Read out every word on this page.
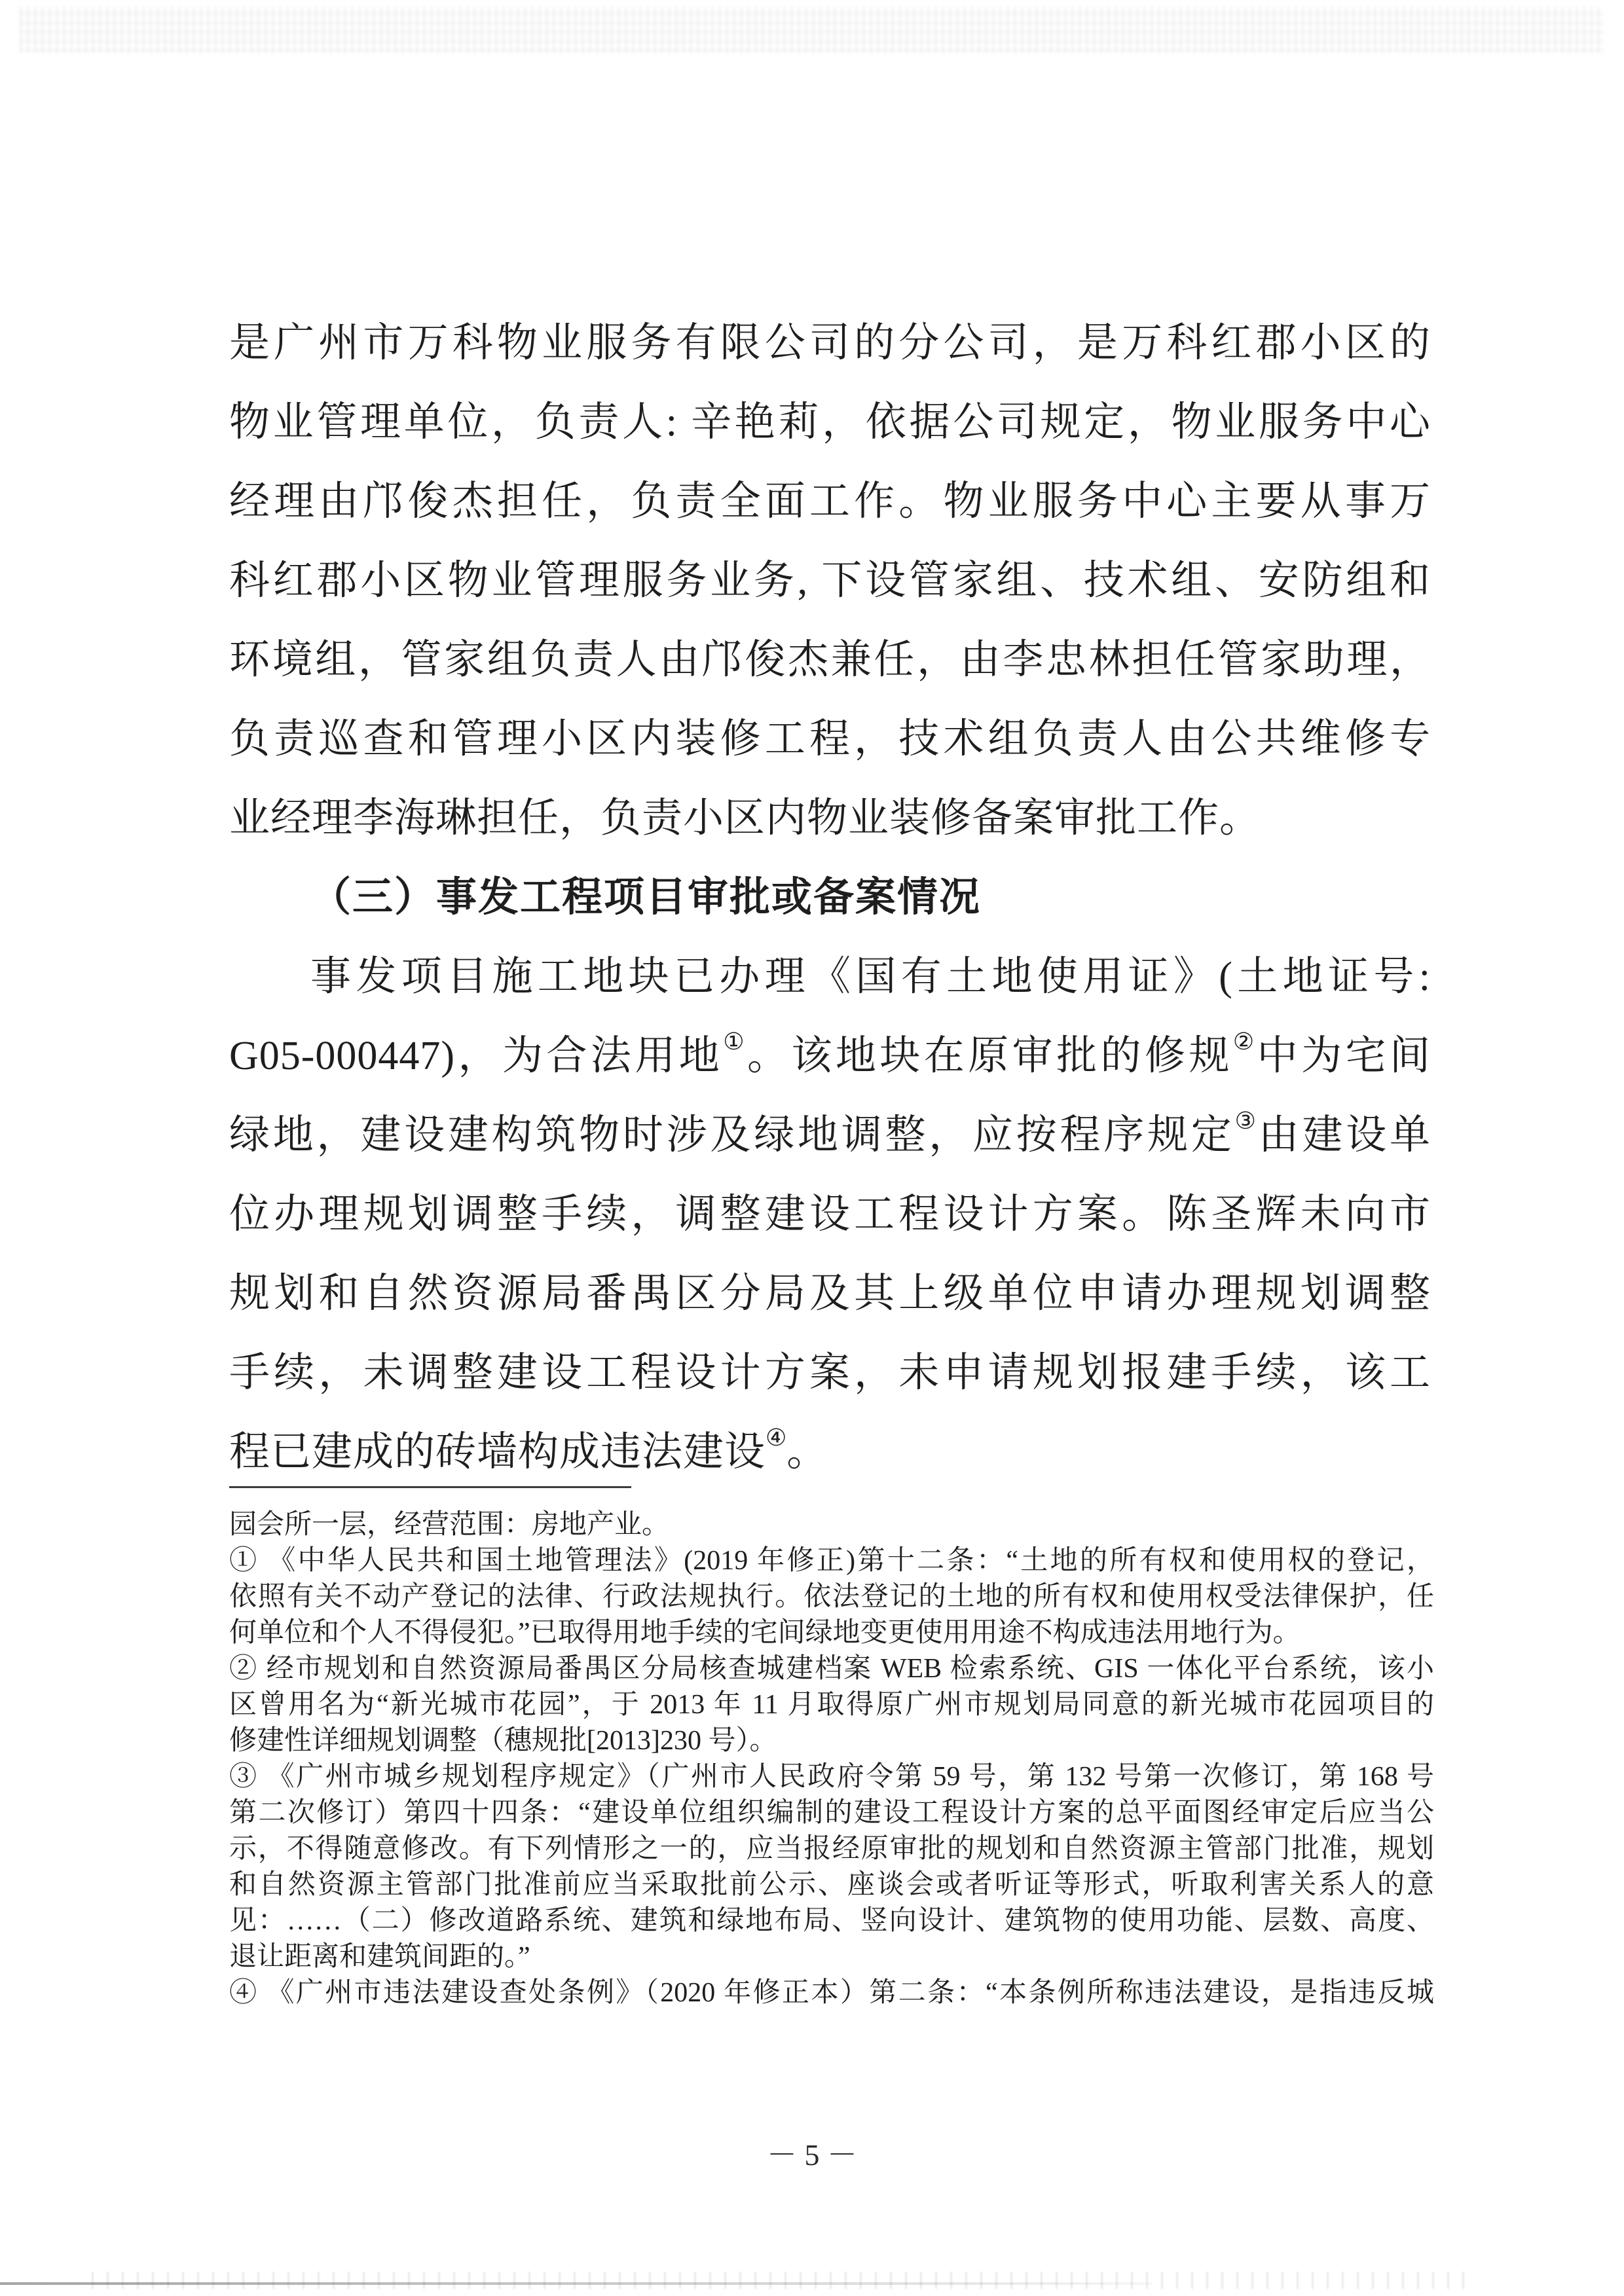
是广州市万科物业服务有限公司的分公司，是万科红郡小区的
物业管理单位，负责人: 辛艳莉，依据公司规定，物业服务中心
经理由邝俊杰担任，负责全面工作。物业服务中心主要从事万
科红郡小区物业管理服务业务, 下设管家组、技术组、安防组和
环境组，管家组负责人由邝俊杰兼任，由李忠林担任管家助理，
负责巡查和管理小区内装修工程，技术组负责人由公共维修专
业经理李海琳担任，负责小区内物业装修备案审批工作。
（三）事发工程项目审批或备案情况
事发项目施工地块已办理《国有土地使用证》(土地证号:
G05-000447)，为合法用地①。该地块在原审批的修规②中为宅间
绿地，建设建构筑物时涉及绿地调整，应按程序规定③由建设单
位办理规划调整手续，调整建设工程设计方案。陈圣辉未向市
规划和自然资源局番禺区分局及其上级单位申请办理规划调整
手续，未调整建设工程设计方案，未申请规划报建手续，该工
程已建成的砖墙构成违法建设④。
园会所一层，经营范围：房地产业。
① 《中华人民共和国土地管理法》(2019 年修正)第十二条：“土地的所有权和使用权的登记，
依照有关不动产登记的法律、行政法规执行。依法登记的土地的所有权和使用权受法律保护，任
何单位和个人不得侵犯。”已取得用地手续的宅间绿地变更使用用途不构成违法用地行为。
② 经市规划和自然资源局番禺区分局核查城建档案 WEB 检索系统、GIS 一体化平台系统，该小
区曾用名为“新光城市花园”，于 2013 年 11 月取得原广州市规划局同意的新光城市花园项目的
修建性详细规划调整（穗规批[2013]230 号）。
③ 《广州市城乡规划程序规定》（广州市人民政府令第 59 号，第 132 号第一次修订，第 168 号
第二次修订）第四十四条：“建设单位组织编制的建设工程设计方案的总平面图经审定后应当公
示，不得随意修改。有下列情形之一的，应当报经原审批的规划和自然资源主管部门批准，规划
和自然资源主管部门批准前应当采取批前公示、座谈会或者听证等形式，听取利害关系人的意
见：……（二）修改道路系统、建筑和绿地布局、竖向设计、建筑物的使用功能、层数、高度、
退让距离和建筑间距的。”
④ 《广州市违法建设查处条例》（2020 年修正本）第二条：“本条例所称违法建设，是指违反城
－ 5 －
